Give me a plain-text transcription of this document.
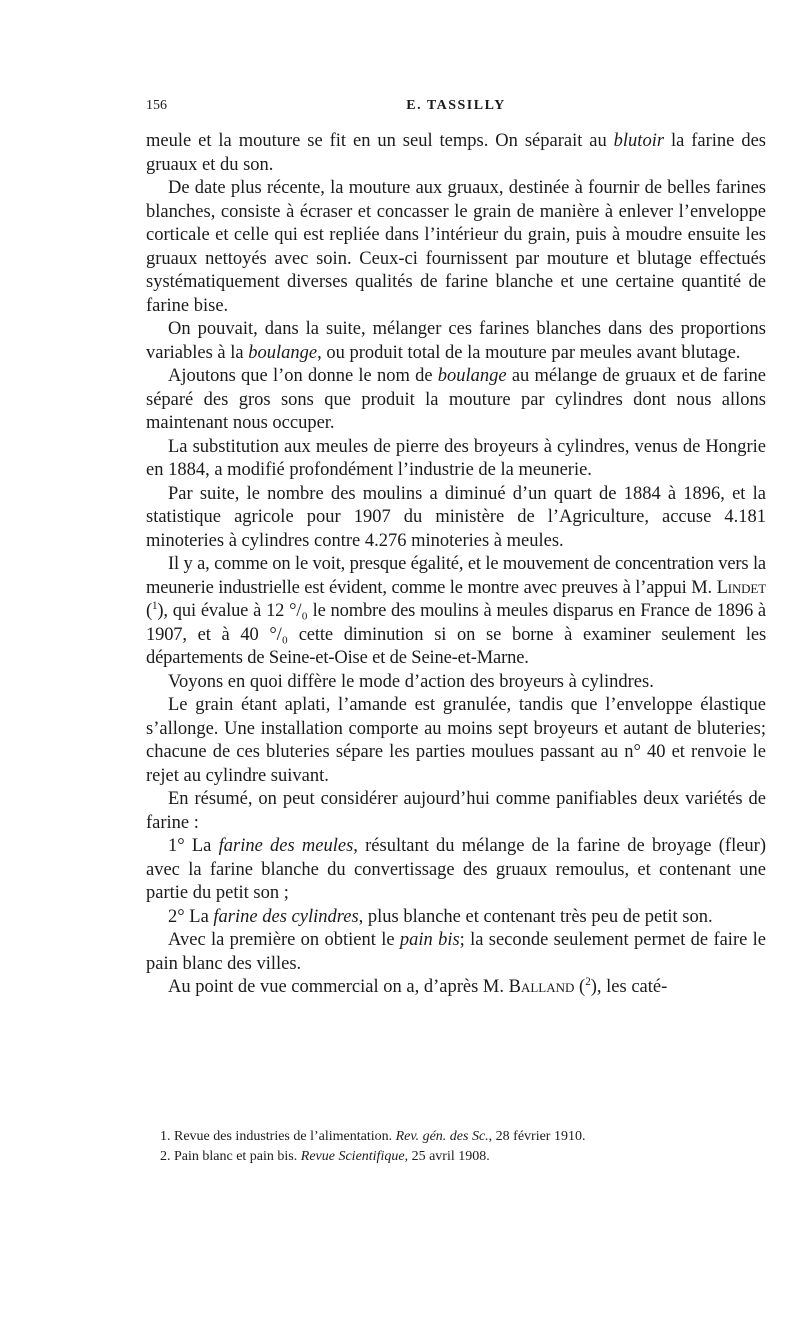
156	E. TASSILLY

meule et la mouture se fit en un seul temps. On séparait au blutoir la farine des gruaux et du son.

De date plus récente, la mouture aux gruaux, destinée à fournir de belles farines blanches, consiste à écraser et concasser le grain de manière à enlever l’enveloppe corticale et celle qui est repliée dans l’intérieur du grain, puis à moudre ensuite les gruaux nettoyés avec soin. Ceux-ci fournissent par mouture et blutage effectués systématiquement diverses qualités de farine blanche et une certaine quantité de farine bise.

On pouvait, dans la suite, mélanger ces farines blanches dans des proportions variables à la boulange, ou produit total de la mouture par meules avant blutage.

Ajoutons que l’on donne le nom de boulange au mélange de gruaux et de farine séparé des gros sons que produit la mouture par cylindres dont nous allons maintenant nous occuper.

La substitution aux meules de pierre des broyeurs à cylindres, venus de Hongrie en 1884, a modifié profondément l’industrie de la meunerie.

Par suite, le nombre des moulins a diminué d’un quart de 1884 à 1896, et la statistique agricole pour 1907 du ministère de l’Agriculture, accuse 4.181 minoteries à cylindres contre 4.276 minoteries à meules.

Il y a, comme on le voit, presque égalité, et le mouvement de concentration vers la meunerie industrielle est évident, comme le montre avec preuves à l’appui M. Lindet ($^1$), qui évalue à 12 °/₀ le nombre des moulins à meules disparus en France de 1896 à 1907, et à 40 °/₀ cette diminution si on se borne à examiner seulement les départements de Seine-et-Oise et de Seine-et-Marne.

Voyons en quoi diffère le mode d’action des broyeurs à cylindres.

Le grain étant aplati, l’amande est granulée, tandis que l’enveloppe élastique s’allonge. Une installation comporte au moins sept broyeurs et autant de bluteries; chacune de ces bluteries sépare les parties moulues passant au n° 40 et renvoie le rejet au cylindre suivant.

En résumé, on peut considérer aujourd’hui comme panifiables deux variétés de farine :

1° La farine des meules, résultant du mélange de la farine de broyage (fleur) avec la farine blanche du convertissage des gruaux remoulus, et contenant une partie du petit son ;

2° La farine des cylindres, plus blanche et contenant très peu de petit son.

Avec la première on obtient le pain bis; la seconde seulement permet de faire le pain blanc des villes.

Au point de vue commercial on a, d’après M. Balland ($^2$), les caté-

1. Revue des industries de l’alimentation. Rev. gén. des Sc., 28 février 1910.

2. Pain blanc et pain bis. Revue Scientifique, 25 avril 1908.
